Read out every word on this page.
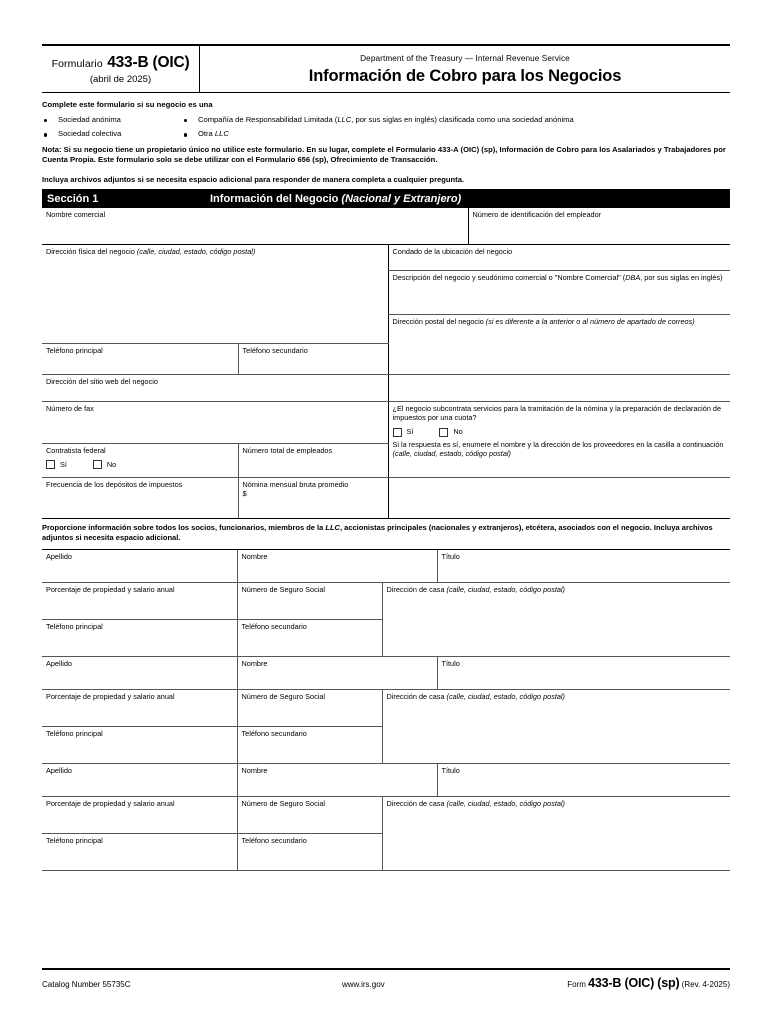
Formulario 433-B (OIC)
(abril de 2025)
Department of the Treasury — Internal Revenue Service
Información de Cobro para los Negocios
Complete este formulario si su negocio es una
Sociedad anónima	Compañía de Responsabilidad Limitada (LLC, por sus siglas en inglés) clasificada como una sociedad anónima
Sociedad colectiva	Otra LLC
Nota: Si su negocio tiene un propietario único no utilice este formulario. En su lugar, complete el Formulario 433-A (OIC) (sp), Información de Cobro para los Asalariados y Trabajadores por Cuenta Propia. Este formulario solo se debe utilizar con el Formulario 656 (sp), Ofrecimiento de Transacción.
Incluya archivos adjuntos si se necesita espacio adicional para responder de manera completa a cualquier pregunta.
Sección 1	Información del Negocio (Nacional y Extranjero)
Nombre comercial			Número de identificación del empleador

Dirección física del negocio (calle, ciudad, estado, código postal)		Condado de la ubicación del negocio	

		Descripción del negocio y seudónimo comercial o "Nombre Comercial" (DBA, por sus siglas en inglés)	

		Dirección postal del negocio (si es diferente a la anterior o al número de apartado de correos)	

Teléfono principal	Teléfono secundario		

Dirección del sitio web del negocio			

Número de fax		¿El negocio subcontrata servicios para la tramitación de la nómina y la preparación de declaración de impuestos por una cuota?
Sí No
Si la respuesta es sí, enumere el nombre y la dirección de los proveedores en la casilla a continuación (calle, ciudad, estado, código postal)	

Contratista federal
Sí No	Número total de empleados		

Frecuencia de los depósitos de impuestos	Nómina mensual bruta promedio
$		
Proporcione información sobre todos los socios, funcionarios, miembros de la LLC, accionistas principales (nacionales y extranjeros), etcétera, asociados con el negocio. Incluya archivos adjuntos si necesita espacio adicional.
Apellido	Nombre		Título

Porcentaje de propiedad y salario anual	Número de Seguro Social	Dirección de casa (calle, ciudad, estado, código postal)	

Teléfono principal	Teléfono secundario		

Apellido	Nombre		Título

Porcentaje de propiedad y salario anual	Número de Seguro Social	Dirección de casa (calle, ciudad, estado, código postal)	

Teléfono principal	Teléfono secundario		

Apellido	Nombre		Título

Porcentaje de propiedad y salario anual	Número de Seguro Social	Dirección de casa (calle, ciudad, estado, código postal)	

Teléfono principal	Teléfono secundario		
Catalog Number 55735C	www.irs.gov	Form 433-B (OIC) (sp) (Rev. 4-2025)
